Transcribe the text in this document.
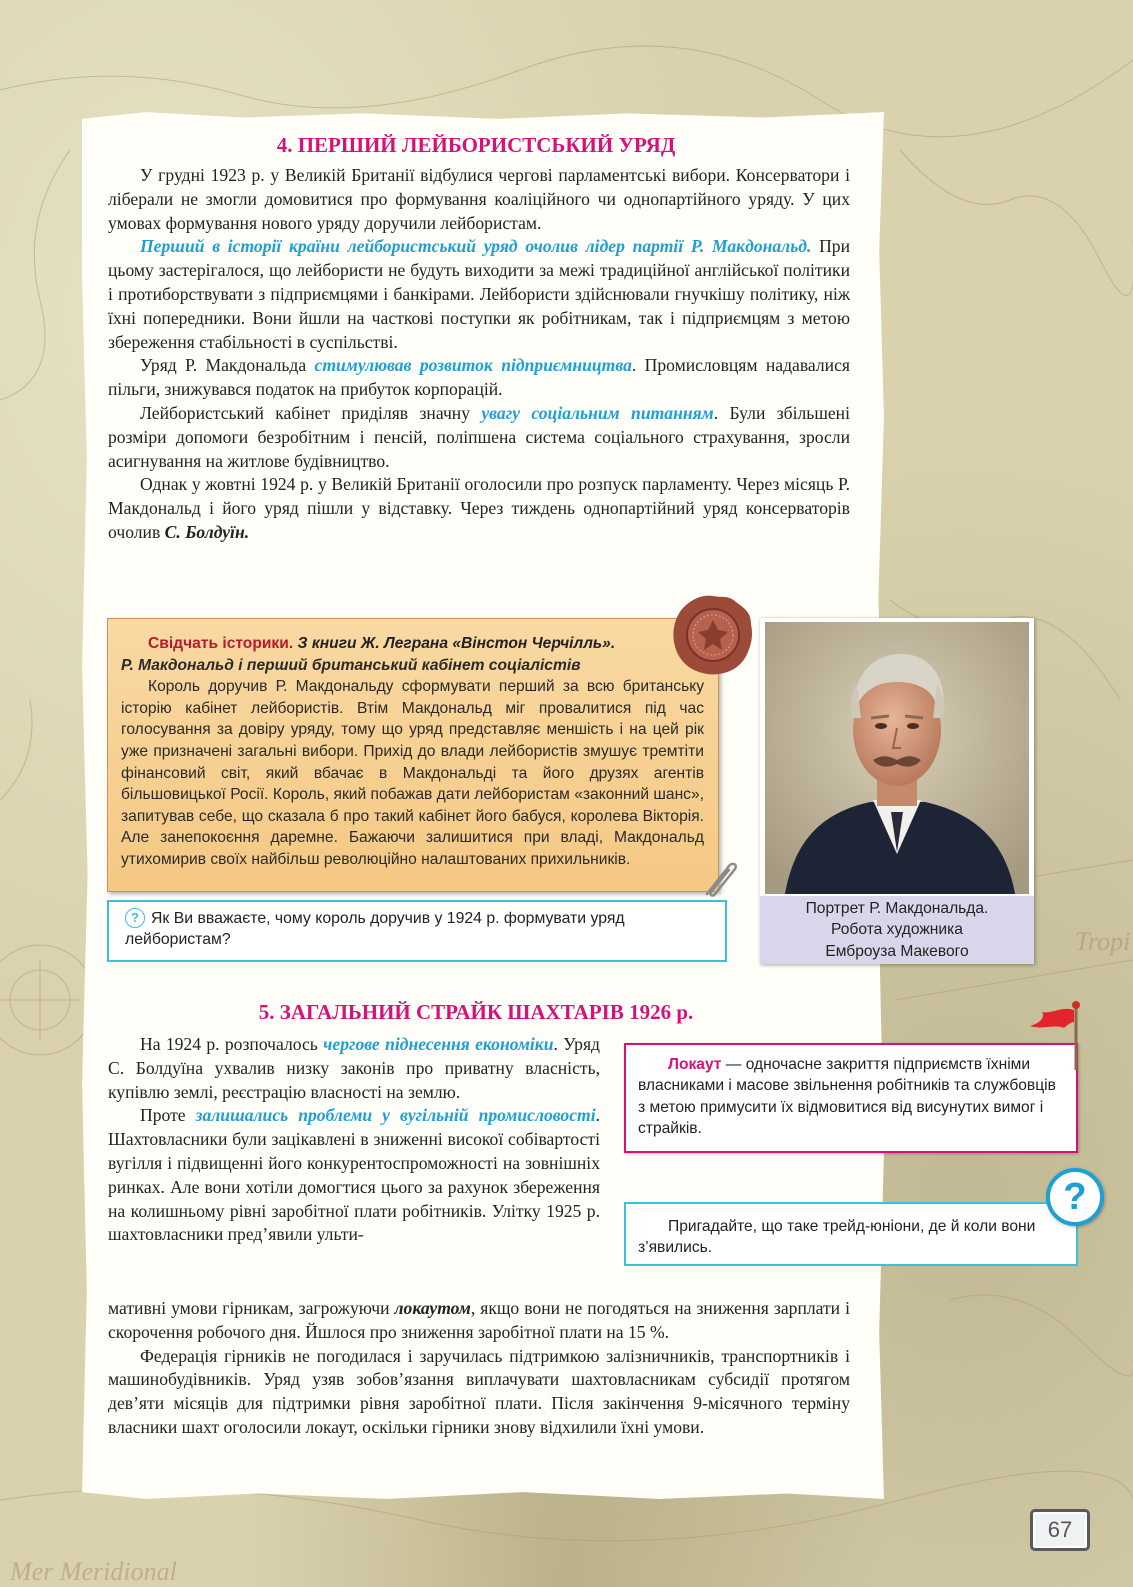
Tropi
Mer Meridional
4. ПЕРШИЙ ЛЕЙБОРИСТСЬКИЙ УРЯД

У грудні 1923 р. у Великій Британії відбулися чергові парламентські вибори. Консерватори і ліберали не змогли домовитися про формування коаліційного чи однопартійного уряду. У цих умовах формування нового уряду доручили лейбористам.

Перший в історії країни лейбористський уряд очолив лідер партії Р. Макдональд. При цьому застерігалося, що лейбористи не будуть виходити за межі традиційної англійської політики і протиборствувати з підприємцями і банкірами. Лейбористи здійснювали гнучкішу політику, ніж їхні попередники. Вони йшли на часткові поступки як робітникам, так і підприємцям з метою збереження стабільності в суспільстві.

Уряд Р. Макдональда стимулював розвиток підприємництва. Промисловцям надавалися пільги, знижувався податок на прибуток корпорацій.

Лейбористський кабінет приділяв значну увагу соціальним питанням. Були збільшені розміри допомоги безробітним і пенсій, поліпшена система соціального страхування, зросли асигнування на житлове будівництво.

Однак у жовтні 1924 р. у Великій Британії оголосили про розпуск парламенту. Через місяць Р. Макдональд і його уряд пішли у відставку. Через тиждень однопартійний уряд консерваторів очолив С. Болдуїн.

Свідчать історики. З книги Ж. Леграна «Вінстон Черчілль».

Р. Макдональд і перший британський кабінет соціалістів

Король доручив Р. Макдональду сформувати перший за всю британську історію кабінет лейбористів. Втім Макдональд міг провалитися під час голосування за довіру уряду, тому що уряд представляє меншість і на цей рік уже призначені загальні вибори. Прихід до влади лейбористів змушує тремтіти фінансовий світ, який вбачає в Макдональді та його друзях агентів більшовицької Росії. Король, який побажав дати лейбористам «законний шанс», запитував себе, що сказала б про такий кабінет його бабуся, королева Вікторія. Але занепокоєння даремне. Бажаючи залишитися при владі, Макдональд утихомирив своїх найбільш революційно налаштованих прихильників.

? Як Ви вважаєте, чому король доручив у 1924 р. формувати уряд лейбористам?
Портрет Р. Макдональда.
Робота художника
Емброуза Макевого
5. ЗАГАЛЬНИЙ СТРАЙК ШАХТАРІВ 1926 р.

На 1924 р. розпочалось чергове піднесення економіки. Уряд С. Болдуїна ухвалив низку законів про приватну власність, купівлю землі, реєстрацію власності на землю.

Проте залишались проблеми у вугільній промисловості. Шахтовласники були зацікавлені в зниженні високої собівартості вугілля і підвищенні його конкурентоспроможності на зовнішніх ринках. Але вони хотіли домогтися цього за рахунок збереження на колишньому рівні заробітної плати робітників. Улітку 1925 р. шахтовласники пред’явили ульти-

мативні умови гірникам, загрожуючи локаутом, якщо вони не погодяться на зниження зарплати і скорочення робочого дня. Йшлося про зниження заробітної плати на 15 %.

Федерація гірників не погодилася і заручилась підтримкою залізничників, транспортників і машинобудівників. Уряд узяв зобов’язання виплачувати шахтовласникам субсидії протягом дев’яти місяців для підтримки рівня заробітної плати. Після закінчення 9-місячного терміну власники шахт оголосили локаут, оскільки гірники знову відхилили їхні умови.

Локаут — одночасне закриття підприємств їхніми власниками і масове звільнення робітників та службовців з метою примусити їх відмовитися від висунутих вимог і страйків.

Пригадайте, що таке трейд-юніони, де й коли вони з’явились.

?
67
